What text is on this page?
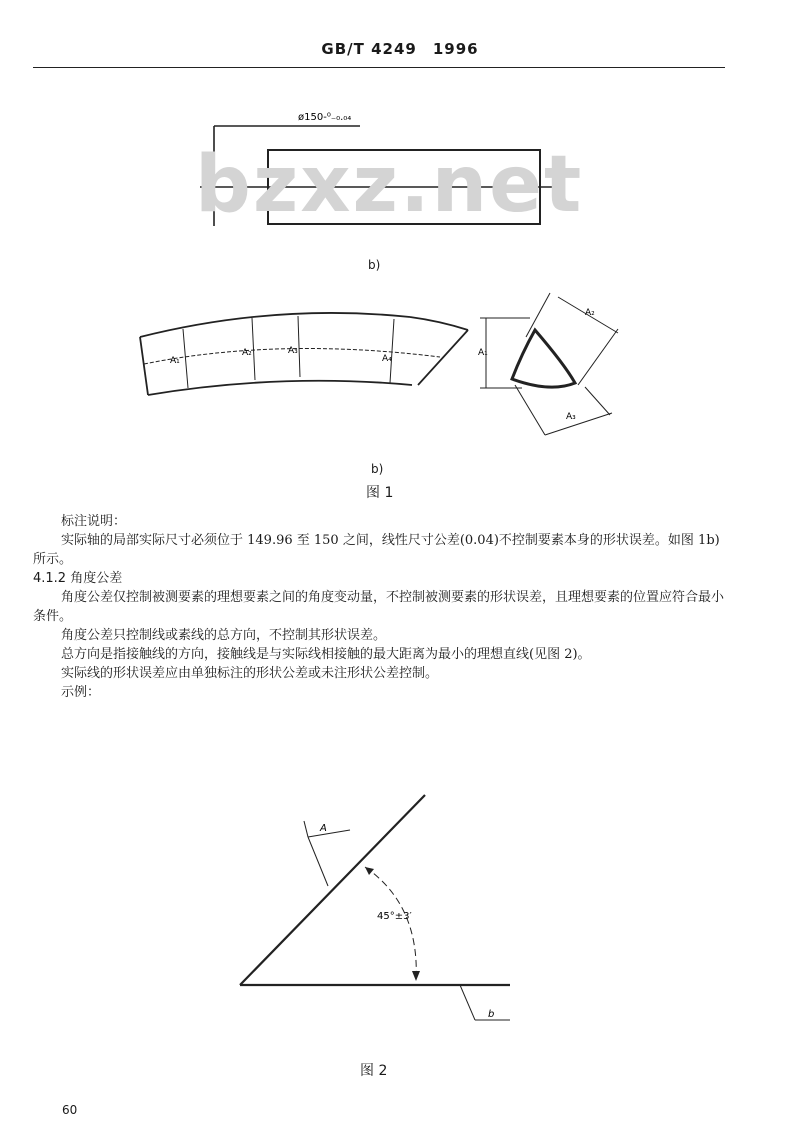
GB/T 4249  1996
ø150-⁰₋₀.₀₄
b)
A₁
A₂	A₃
A₄
A₁
A₂
A₃
b)
图 1

标注说明：

实际轴的局部实际尺寸必须位于 149.96 至 150 之间，线性尺寸公差(0.04)不控制要素本身的形状误差。如图 1b)所示。

4.1.2 角度公差

角度公差仅控制被测要素的理想要素之间的角度变动量，不控制被测要素的形状误差，且理想要素的位置应符合最小条件。

角度公差只控制线或素线的总方向，不控制其形状误差。

总方向是指接触线的方向，接触线是与实际线相接触的最大距离为最小的理想直线(见图 2)。

实际线的形状误差应由单独标注的形状公差或未注形状公差控制。

示例：

A
b
45°±3′
图 2
60
bzxz.net
